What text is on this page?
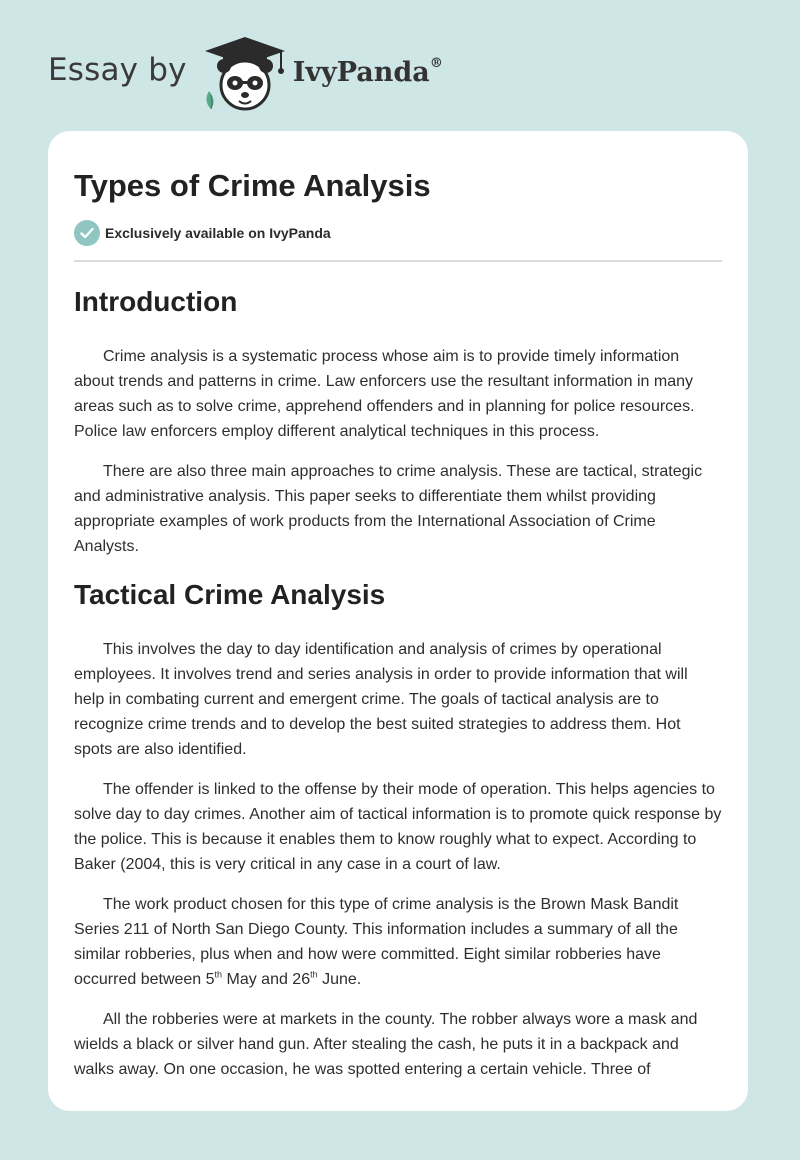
Essay by	IvyPanda®
Types of Crime Analysis
Exclusively available on IvyPanda
Introduction

Crime analysis is a systematic process whose aim is to provide timely information about trends and patterns in crime. Law enforcers use the resultant information in many areas such as to solve crime, apprehend offenders and in planning for police resources. Police law enforcers employ different analytical techniques in this process.

There are also three main approaches to crime analysis. These are tactical, strategic and administrative analysis. This paper seeks to differentiate them whilst providing appropriate examples of work products from the International Association of Crime Analysts.

Tactical Crime Analysis

This involves the day to day identification and analysis of crimes by operational employees. It involves trend and series analysis in order to provide information that will help in combating current and emergent crime. The goals of tactical analysis are to recognize crime trends and to develop the best suited strategies to address them. Hot spots are also identified.

The offender is linked to the offense by their mode of operation. This helps agencies to solve day to day crimes. Another aim of tactical information is to promote quick response by the police. This is because it enables them to know roughly what to expect. According to Baker (2004, this is very critical in any case in a court of law.

The work product chosen for this type of crime analysis is the Brown Mask Bandit Series 211 of North San Diego County. This information includes a summary of all the similar robberies, plus when and how were committed. Eight similar robberies have occurred between 5th May and 26th June.

All the robberies were at markets in the county. The robber always wore a mask and wields a black or silver hand gun. After stealing the cash, he puts it in a backpack and walks away. On one occasion, he was spotted entering a certain vehicle. Three of
